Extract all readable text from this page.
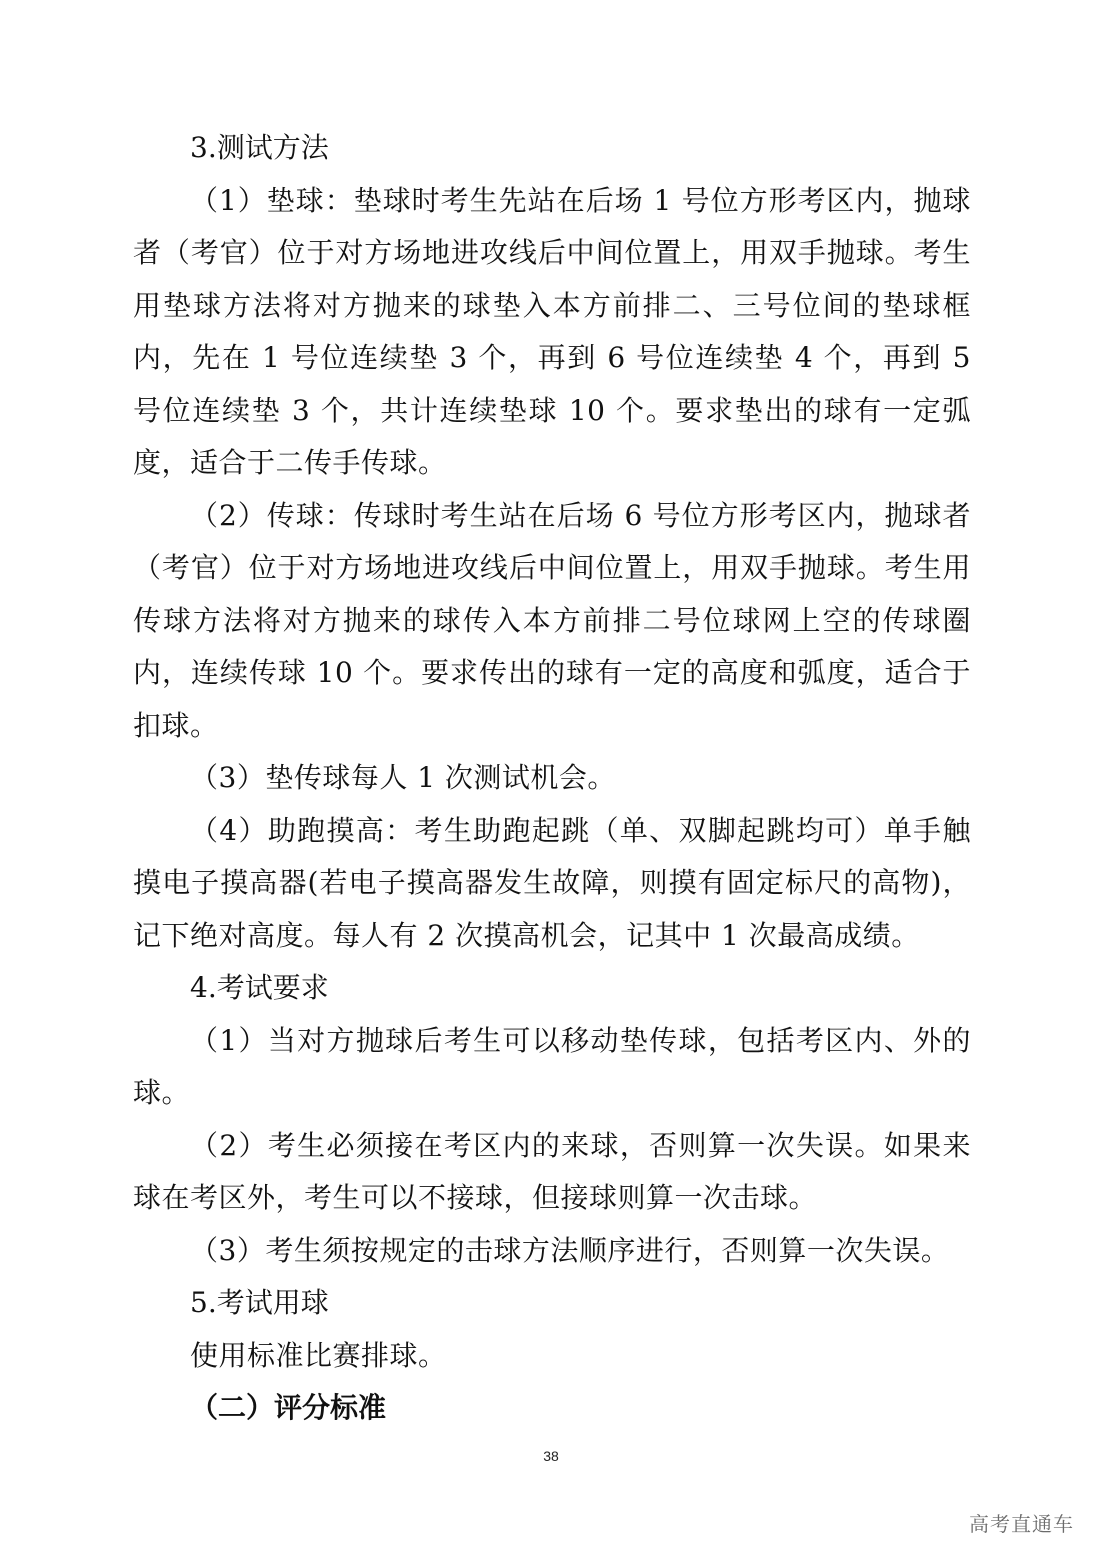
3.测试方法

（1）垫球：垫球时考生先站在后场 1 号位方形考区内，抛球者（考官）位于对方场地进攻线后中间位置上，用双手抛球。考生用垫球方法将对方抛来的球垫入本方前排二、三号位间的垫球框内，先在 1 号位连续垫 3 个，再到 6 号位连续垫 4 个，再到 5 号位连续垫 3 个，共计连续垫球 10 个。要求垫出的球有一定弧度，适合于二传手传球。

（2）传球：传球时考生站在后场 6 号位方形考区内，抛球者（考官）位于对方场地进攻线后中间位置上，用双手抛球。考生用传球方法将对方抛来的球传入本方前排二号位球网上空的传球圈内，连续传球 10 个。要求传出的球有一定的高度和弧度，适合于扣球。

（3）垫传球每人 1 次测试机会。

（4）助跑摸高：考生助跑起跳（单、双脚起跳均可）单手触摸电子摸高器(若电子摸高器发生故障，则摸有固定标尺的高物)，记下绝对高度。每人有 2 次摸高机会，记其中 1 次最高成绩。

4.考试要求

（1）当对方抛球后考生可以移动垫传球，包括考区内、外的球。

（2）考生必须接在考区内的来球，否则算一次失误。如果来球在考区外，考生可以不接球，但接球则算一次击球。

（3）考生须按规定的击球方法顺序进行，否则算一次失误。

5.考试用球

使用标准比赛排球。

（二）评分标准

38
高考直通车
